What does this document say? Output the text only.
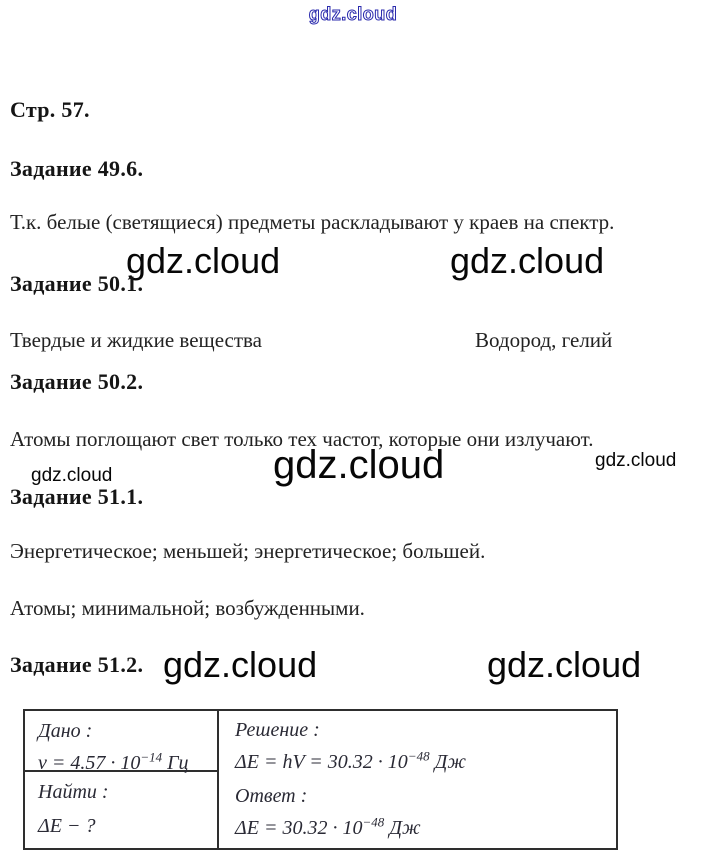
gdz.cloud
Стр. 57.
Задание 49.6.
Т.к. белые (светящиеся) предметы раскладывают у краев на спектр.
gdz.cloud	gdz.cloud
Задание 50.1.
Твердые и жидкие вещества	Водород, гелий
Задание 50.2.
Атомы поглощают свет только тех частот, которые они излучают.
gdz.cloud	gdz.cloud	gdz.cloud
Задание 51.1.
Энергетическое; меньшей; энергетическое; большей.
Атомы; минимальной; возбужденными.
Задание 51.2. gdz.cloud	gdz.cloud

Дано :

$v = 4.57 \cdot 10^{-14}$ Гц

Найти :

ΔE − ?

Решение :

ΔE = hV = $30.32 \cdot 10^{-48}$ Дж

Ответ :

$\Delta E = 30.32 \cdot 10^{-48}$ Дж
